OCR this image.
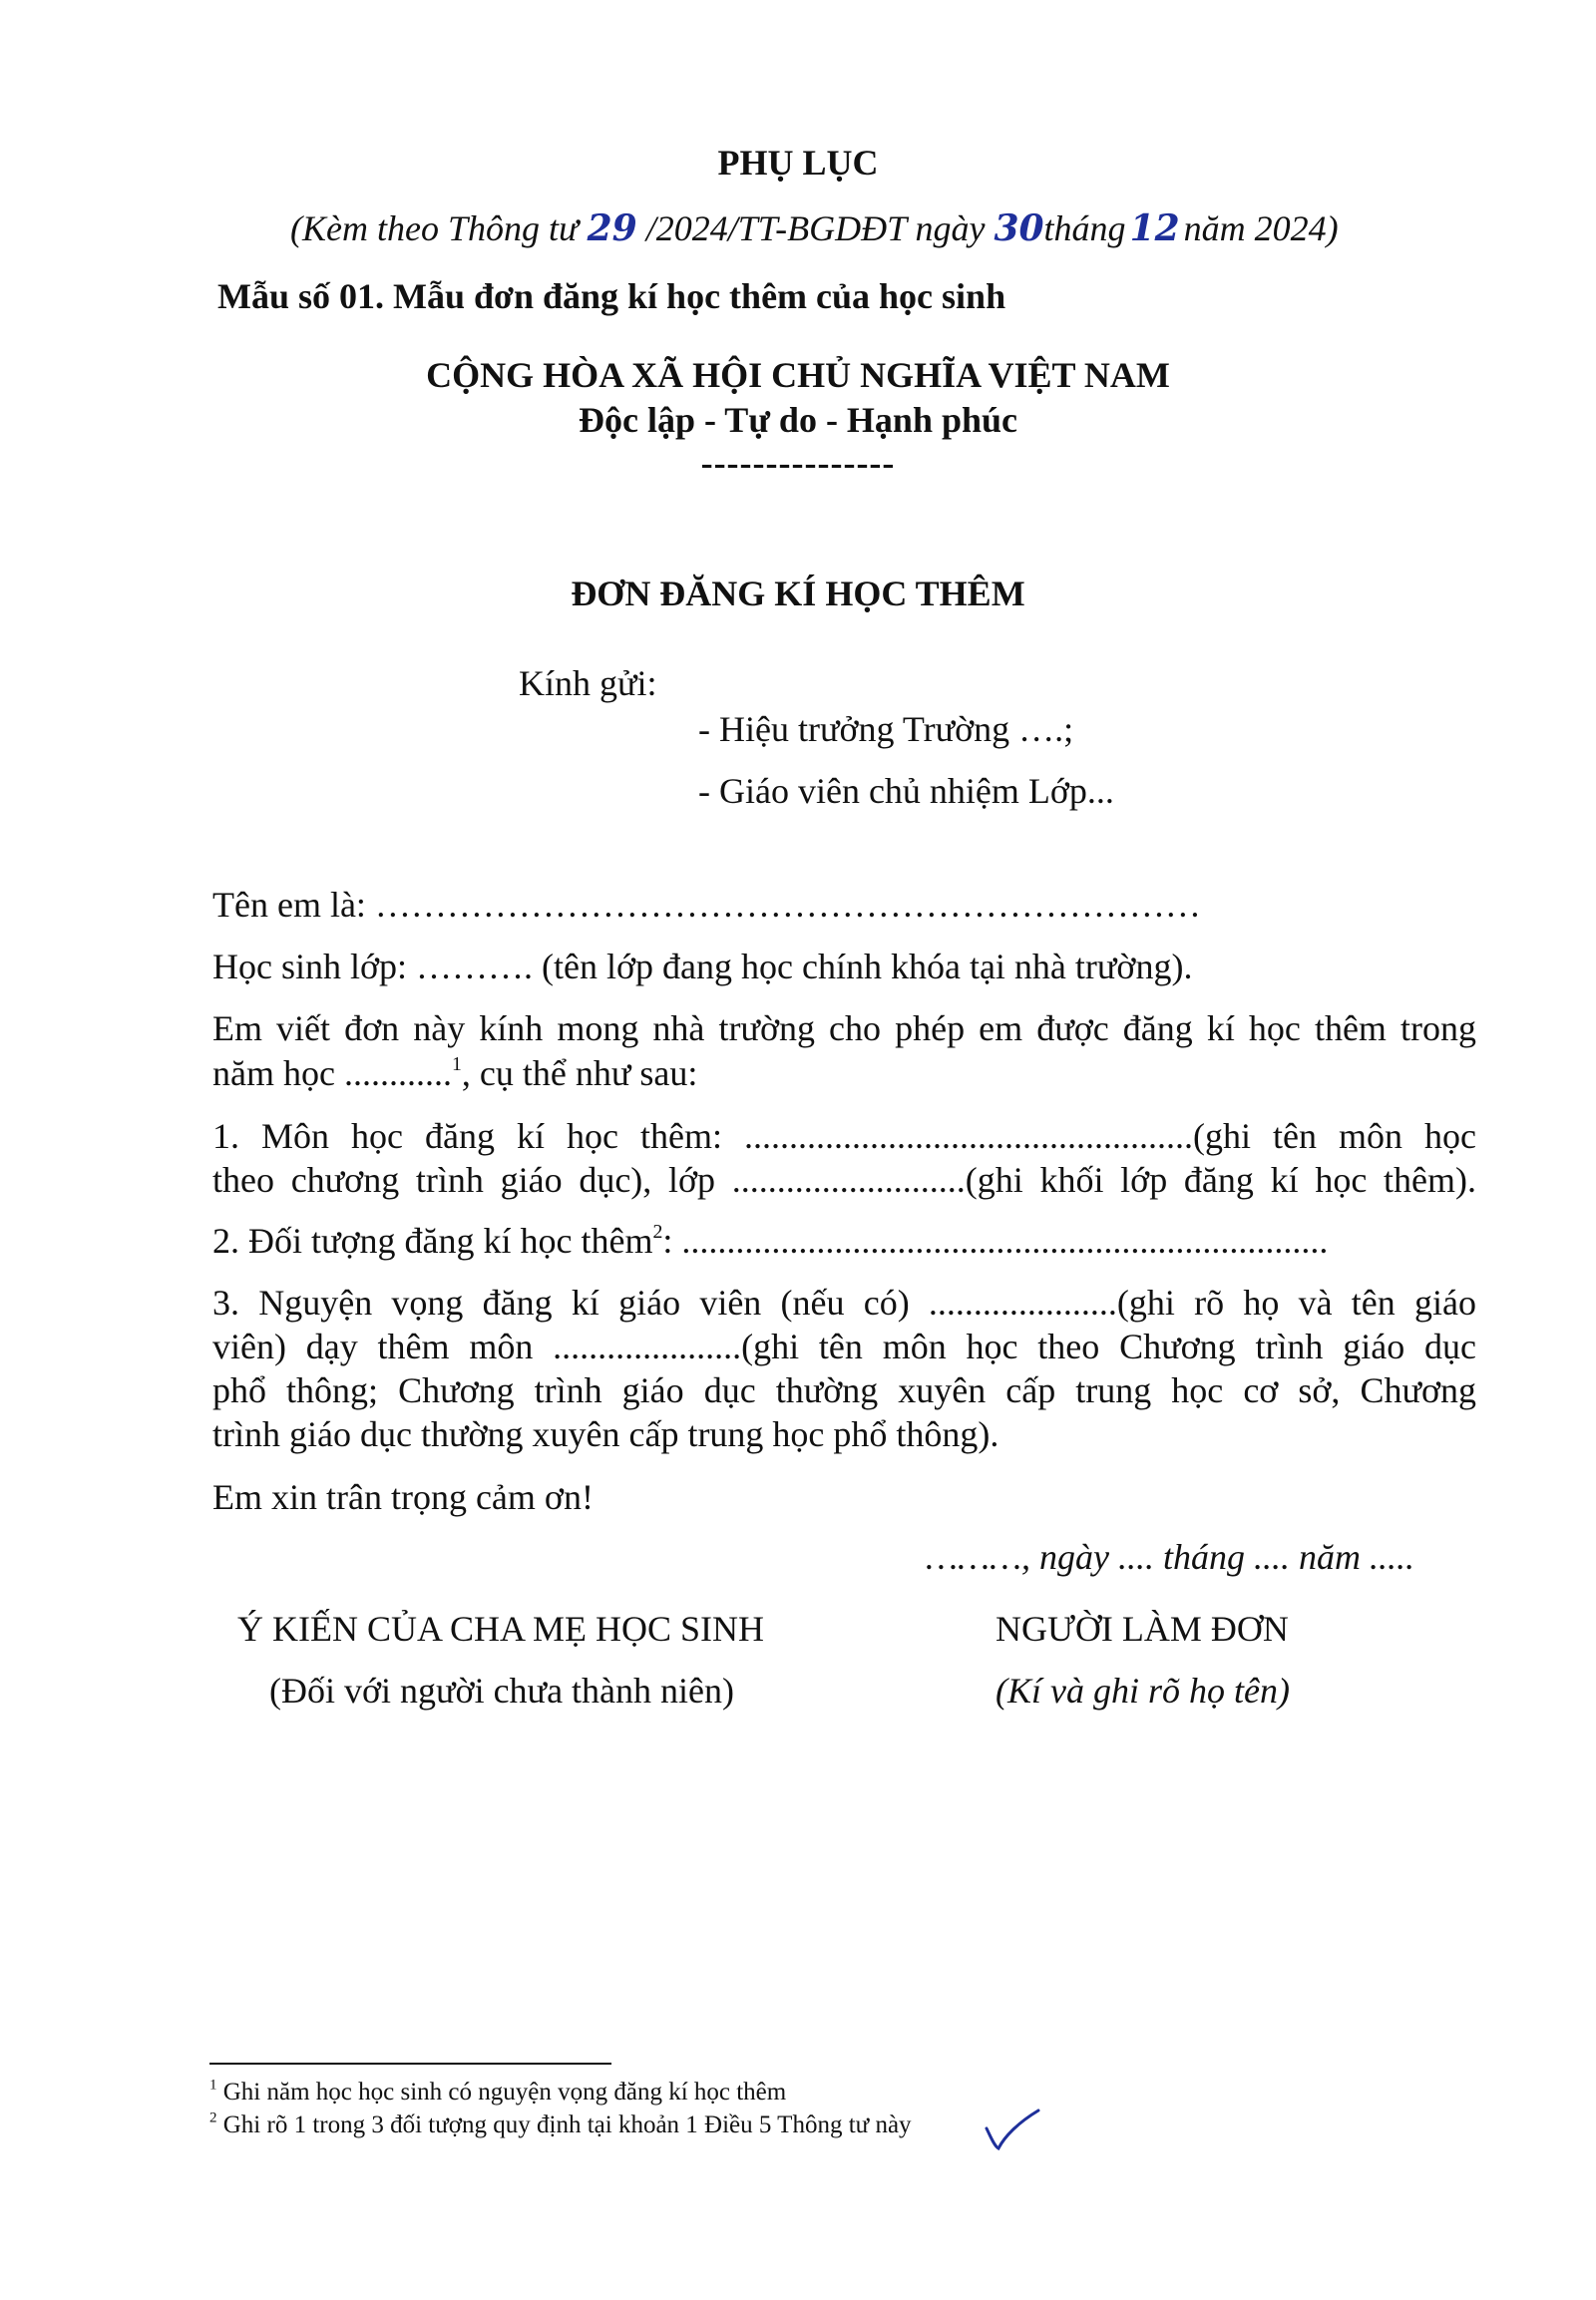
PHỤ LỤC
(Kèm theo Thông tư 29 /2024/TT-BGDĐT ngày 30tháng 12 năm 2024)
Mẫu số 01. Mẫu đơn đăng kí học thêm của học sinh
CỘNG HÒA XÃ HỘI CHỦ NGHĨA VIỆT NAM
Độc lập - Tự do - Hạnh phúc
---------------
ĐƠN ĐĂNG KÍ HỌC THÊM
Kính gửi:
- Hiệu trưởng Trường ….;
- Giáo viên chủ nhiệm Lớp...
Tên em là: ……………………………………………………………
Học sinh lớp: ………. (tên lớp đang học chính khóa tại nhà trường).
Em viết đơn này kính mong nhà trường cho phép em được đăng kí học thêm trong
năm học ............$^1$, cụ thể như sau:
1. Môn học đăng kí học thêm: ..................................................(ghi tên môn học
theo chương trình giáo dục), lớp ..........................(ghi khối lớp đăng kí học thêm).
2. Đối tượng đăng kí học thêm$^2$: ........................................................................
3. Nguyện vọng đăng kí giáo viên (nếu có) .....................(ghi rõ họ và tên giáo
viên) dạy thêm môn .....................(ghi tên môn học theo Chương trình giáo dục
phổ thông; Chương trình giáo dục thường xuyên cấp trung học cơ sở, Chương
trình giáo dục thường xuyên cấp trung học phổ thông).
Em xin trân trọng cảm ơn!
………, ngày .... tháng .... năm .....
Ý KIẾN CỦA CHA MẸ HỌC SINH
(Đối với người chưa thành niên)
NGƯỜI LÀM ĐƠN
(Kí và ghi rõ họ tên)
$^1$ Ghi năm học học sinh có nguyện vọng đăng kí học thêm
$^2$ Ghi rõ 1 trong 3 đối tượng quy định tại khoản 1 Điều 5 Thông tư này
